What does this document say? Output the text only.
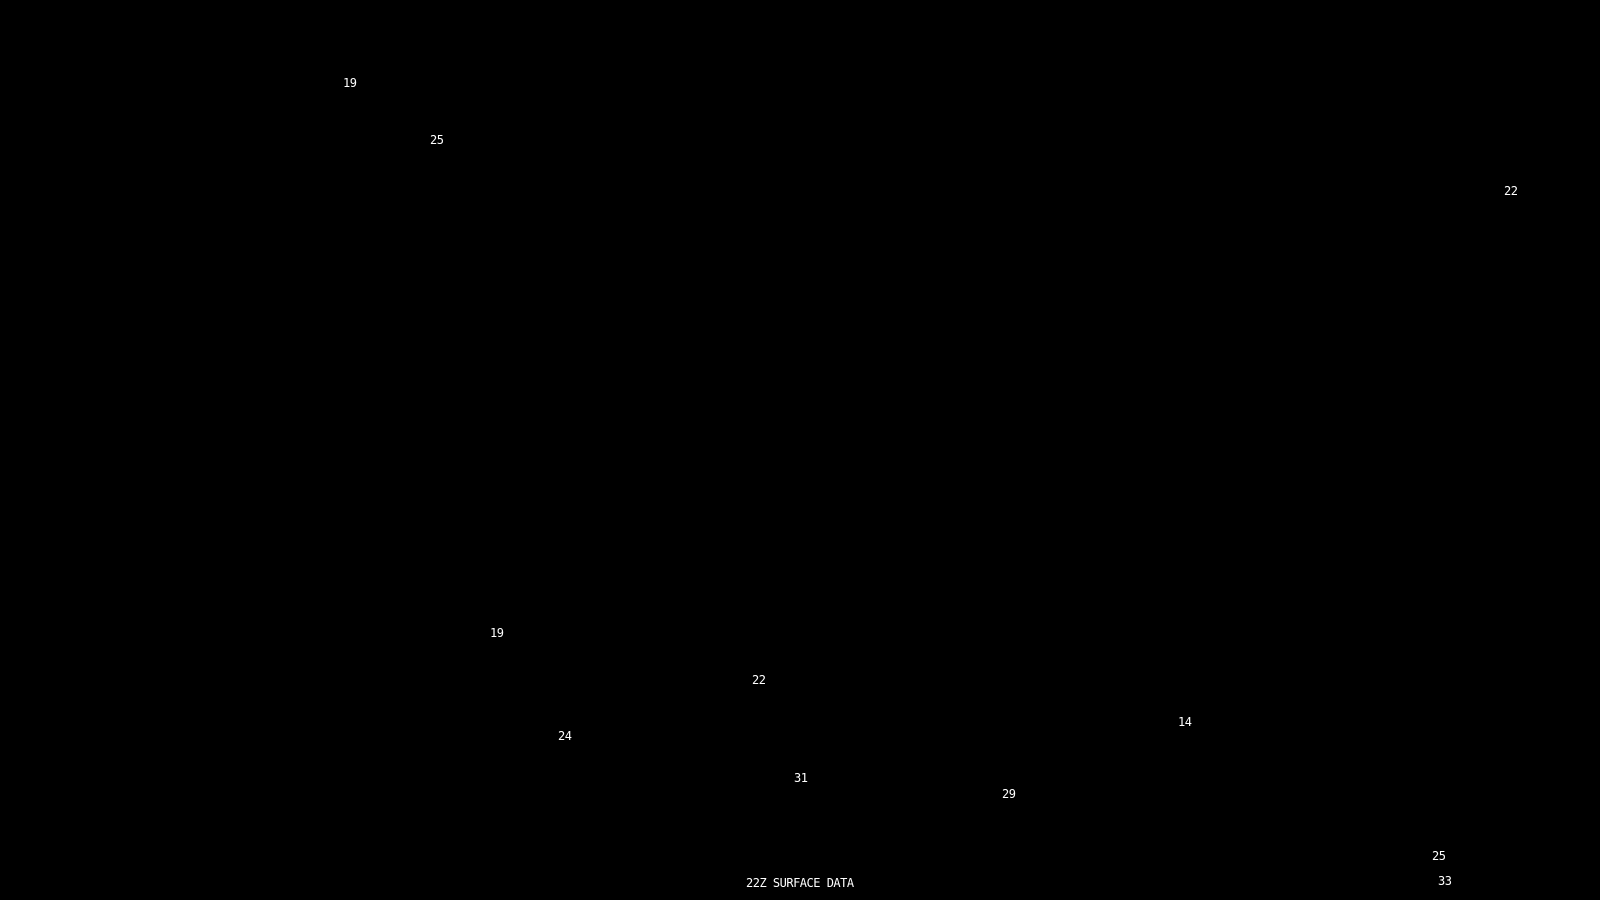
19
25
22
19
22
24
14
31
29
25
33
22Z SURFACE DATA
